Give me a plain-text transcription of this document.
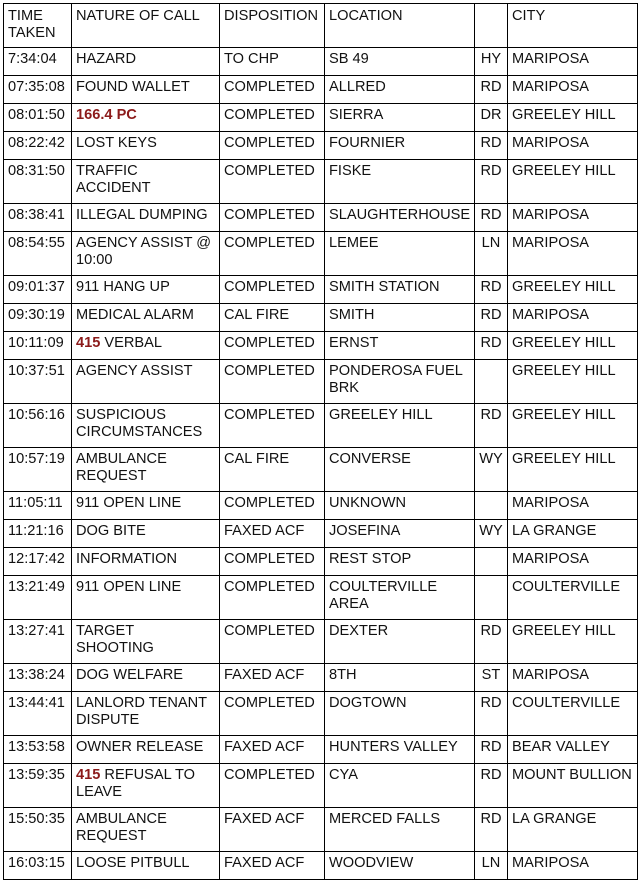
TIME TAKEN	NATURE OF CALL	DISPOSITION	LOCATION		CITY
7:34:04	HAZARD	TO CHP	SB 49	HY	MARIPOSA
07:35:08	FOUND WALLET	COMPLETED	ALLRED	RD	MARIPOSA
08:01:50	166.4 PC	COMPLETED	SIERRA	DR	GREELEY HILL
08:22:42	LOST KEYS	COMPLETED	FOURNIER	RD	MARIPOSA
08:31:50	TRAFFIC ACCIDENT	COMPLETED	FISKE	RD	GREELEY HILL
08:38:41	ILLEGAL DUMPING	COMPLETED	SLAUGHTERHOUSE	RD	MARIPOSA
08:54:55	AGENCY ASSIST @ 10:00	COMPLETED	LEMEE	LN	MARIPOSA
09:01:37	911 HANG UP	COMPLETED	SMITH STATION	RD	GREELEY HILL
09:30:19	MEDICAL ALARM	CAL FIRE	SMITH	RD	MARIPOSA
10:11:09	415 VERBAL	COMPLETED	ERNST	RD	GREELEY HILL
10:37:51	AGENCY ASSIST	COMPLETED	PONDEROSA FUEL BRK		GREELEY HILL
10:56:16	SUSPICIOUS CIRCUMSTANCES	COMPLETED	GREELEY HILL	RD	GREELEY HILL
10:57:19	AMBULANCE REQUEST	CAL FIRE	CONVERSE	WY	GREELEY HILL
11:05:11	911 OPEN LINE	COMPLETED	UNKNOWN		MARIPOSA
11:21:16	DOG BITE	FAXED ACF	JOSEFINA	WY	LA GRANGE
12:17:42	INFORMATION	COMPLETED	REST STOP		MARIPOSA
13:21:49	911 OPEN LINE	COMPLETED	COULTERVILLE AREA		COULTERVILLE
13:27:41	TARGET SHOOTING	COMPLETED	DEXTER	RD	GREELEY HILL
13:38:24	DOG WELFARE	FAXED ACF	8TH	ST	MARIPOSA
13:44:41	LANLORD TENANT DISPUTE	COMPLETED	DOGTOWN	RD	COULTERVILLE
13:53:58	OWNER RELEASE	FAXED ACF	HUNTERS VALLEY	RD	BEAR VALLEY
13:59:35	415 REFUSAL TO LEAVE	COMPLETED	CYA	RD	MOUNT BULLION
15:50:35	AMBULANCE REQUEST	FAXED ACF	MERCED FALLS	RD	LA GRANGE
16:03:15	LOOSE PITBULL	FAXED ACF	WOODVIEW	LN	MARIPOSA
